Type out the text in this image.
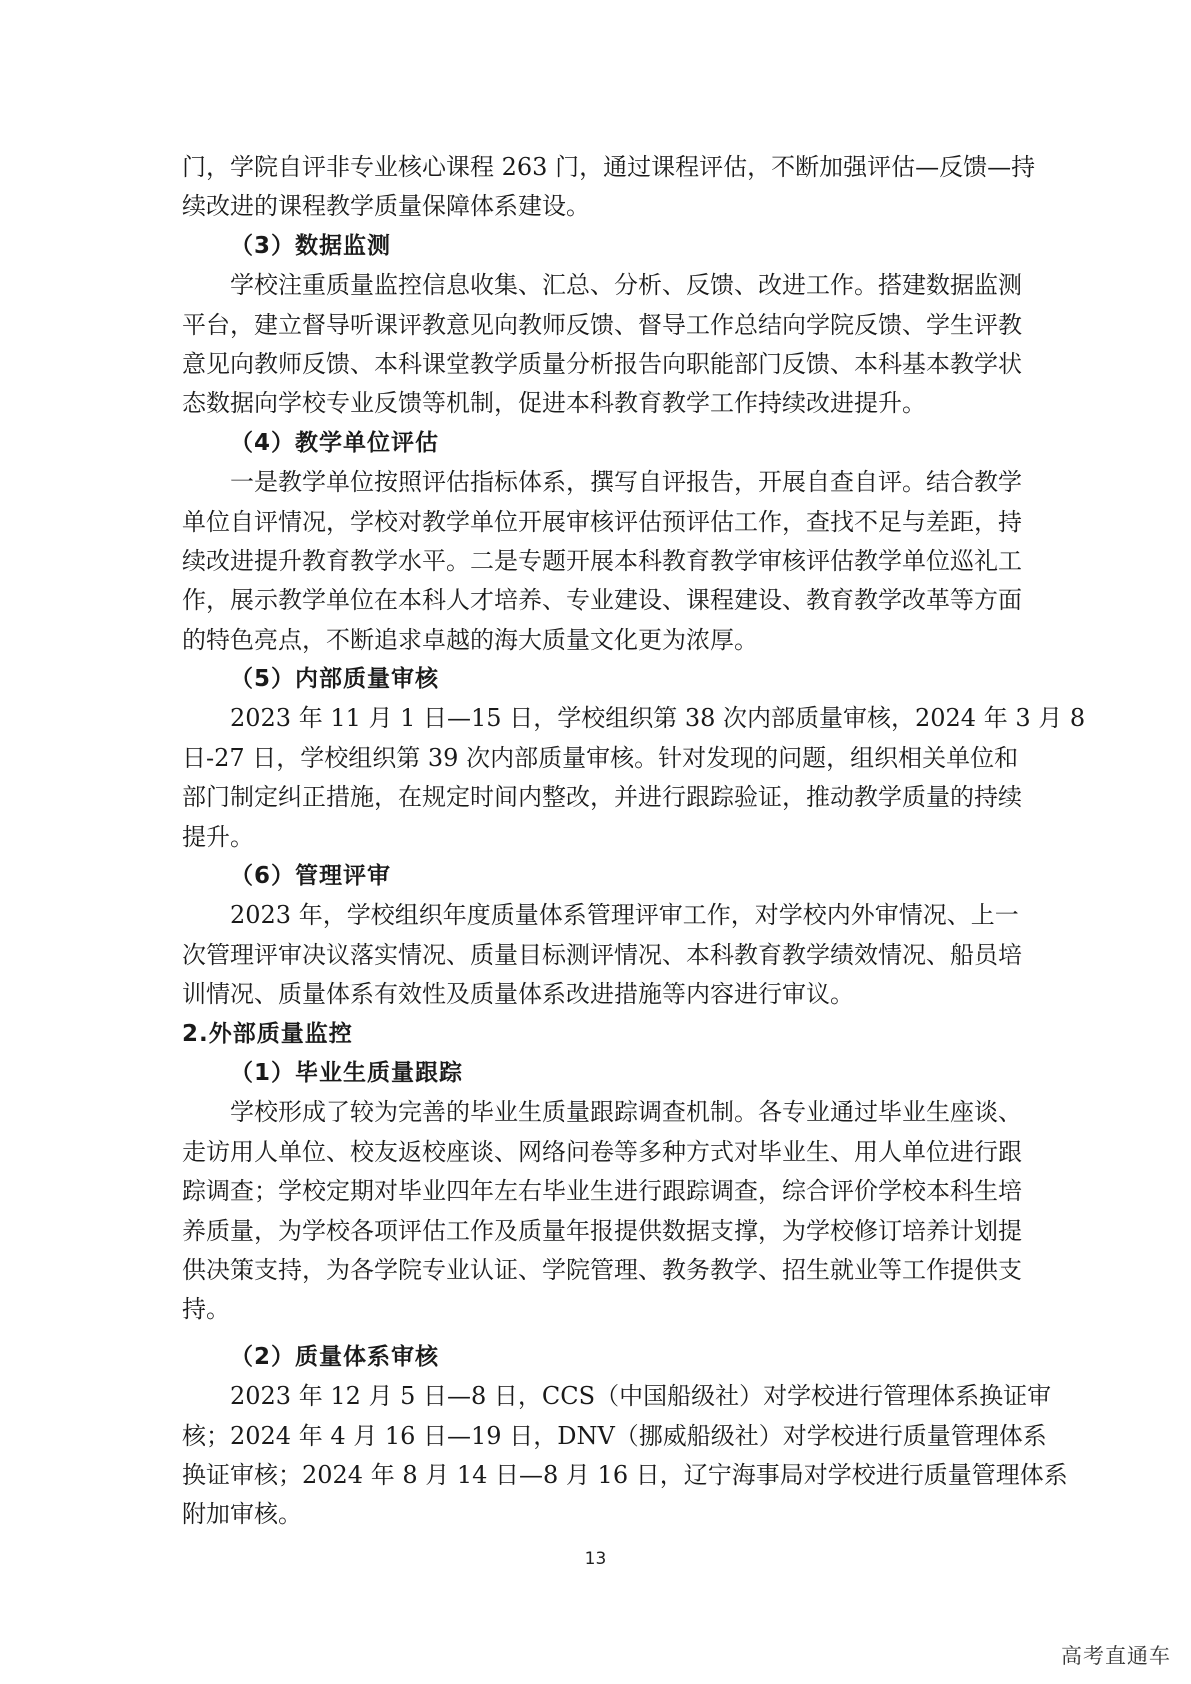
门，学院自评非专业核心课程 263 门，通过课程评估，不断加强评估—反馈—持
续改进的课程教学质量保障体系建设。
（3）数据监测
学校注重质量监控信息收集、汇总、分析、反馈、改进工作。搭建数据监测
平台，建立督导听课评教意见向教师反馈、督导工作总结向学院反馈、学生评教
意见向教师反馈、本科课堂教学质量分析报告向职能部门反馈、本科基本教学状
态数据向学校专业反馈等机制，促进本科教育教学工作持续改进提升。
（4）教学单位评估
一是教学单位按照评估指标体系，撰写自评报告，开展自查自评。结合教学
单位自评情况，学校对教学单位开展审核评估预评估工作，查找不足与差距，持
续改进提升教育教学水平。二是专题开展本科教育教学审核评估教学单位巡礼工
作，展示教学单位在本科人才培养、专业建设、课程建设、教育教学改革等方面
的特色亮点，不断追求卓越的海大质量文化更为浓厚。
（5）内部质量审核
2023 年 11 月 1 日—15 日，学校组织第 38 次内部质量审核，2024 年 3 月 8
日-27 日，学校组织第 39 次内部质量审核。针对发现的问题，组织相关单位和
部门制定纠正措施，在规定时间内整改，并进行跟踪验证，推动教学质量的持续
提升。
（6）管理评审
2023 年，学校组织年度质量体系管理评审工作，对学校内外审情况、上一
次管理评审决议落实情况、质量目标测评情况、本科教育教学绩效情况、船员培
训情况、质量体系有效性及质量体系改进措施等内容进行审议。
2.外部质量监控
（1）毕业生质量跟踪
学校形成了较为完善的毕业生质量跟踪调查机制。各专业通过毕业生座谈、
走访用人单位、校友返校座谈、网络问卷等多种方式对毕业生、用人单位进行跟
踪调查；学校定期对毕业四年左右毕业生进行跟踪调查，综合评价学校本科生培
养质量，为学校各项评估工作及质量年报提供数据支撑，为学校修订培养计划提
供决策支持，为各学院专业认证、学院管理、教务教学、招生就业等工作提供支
持。
（2）质量体系审核
2023 年 12 月 5 日—8 日，CCS（中国船级社）对学校进行管理体系换证审
核；2024 年 4 月 16 日—19 日，DNV（挪威船级社）对学校进行质量管理体系
换证审核；2024 年 8 月 14 日—8 月 16 日，辽宁海事局对学校进行质量管理体系
附加审核。
13
高考直通车
